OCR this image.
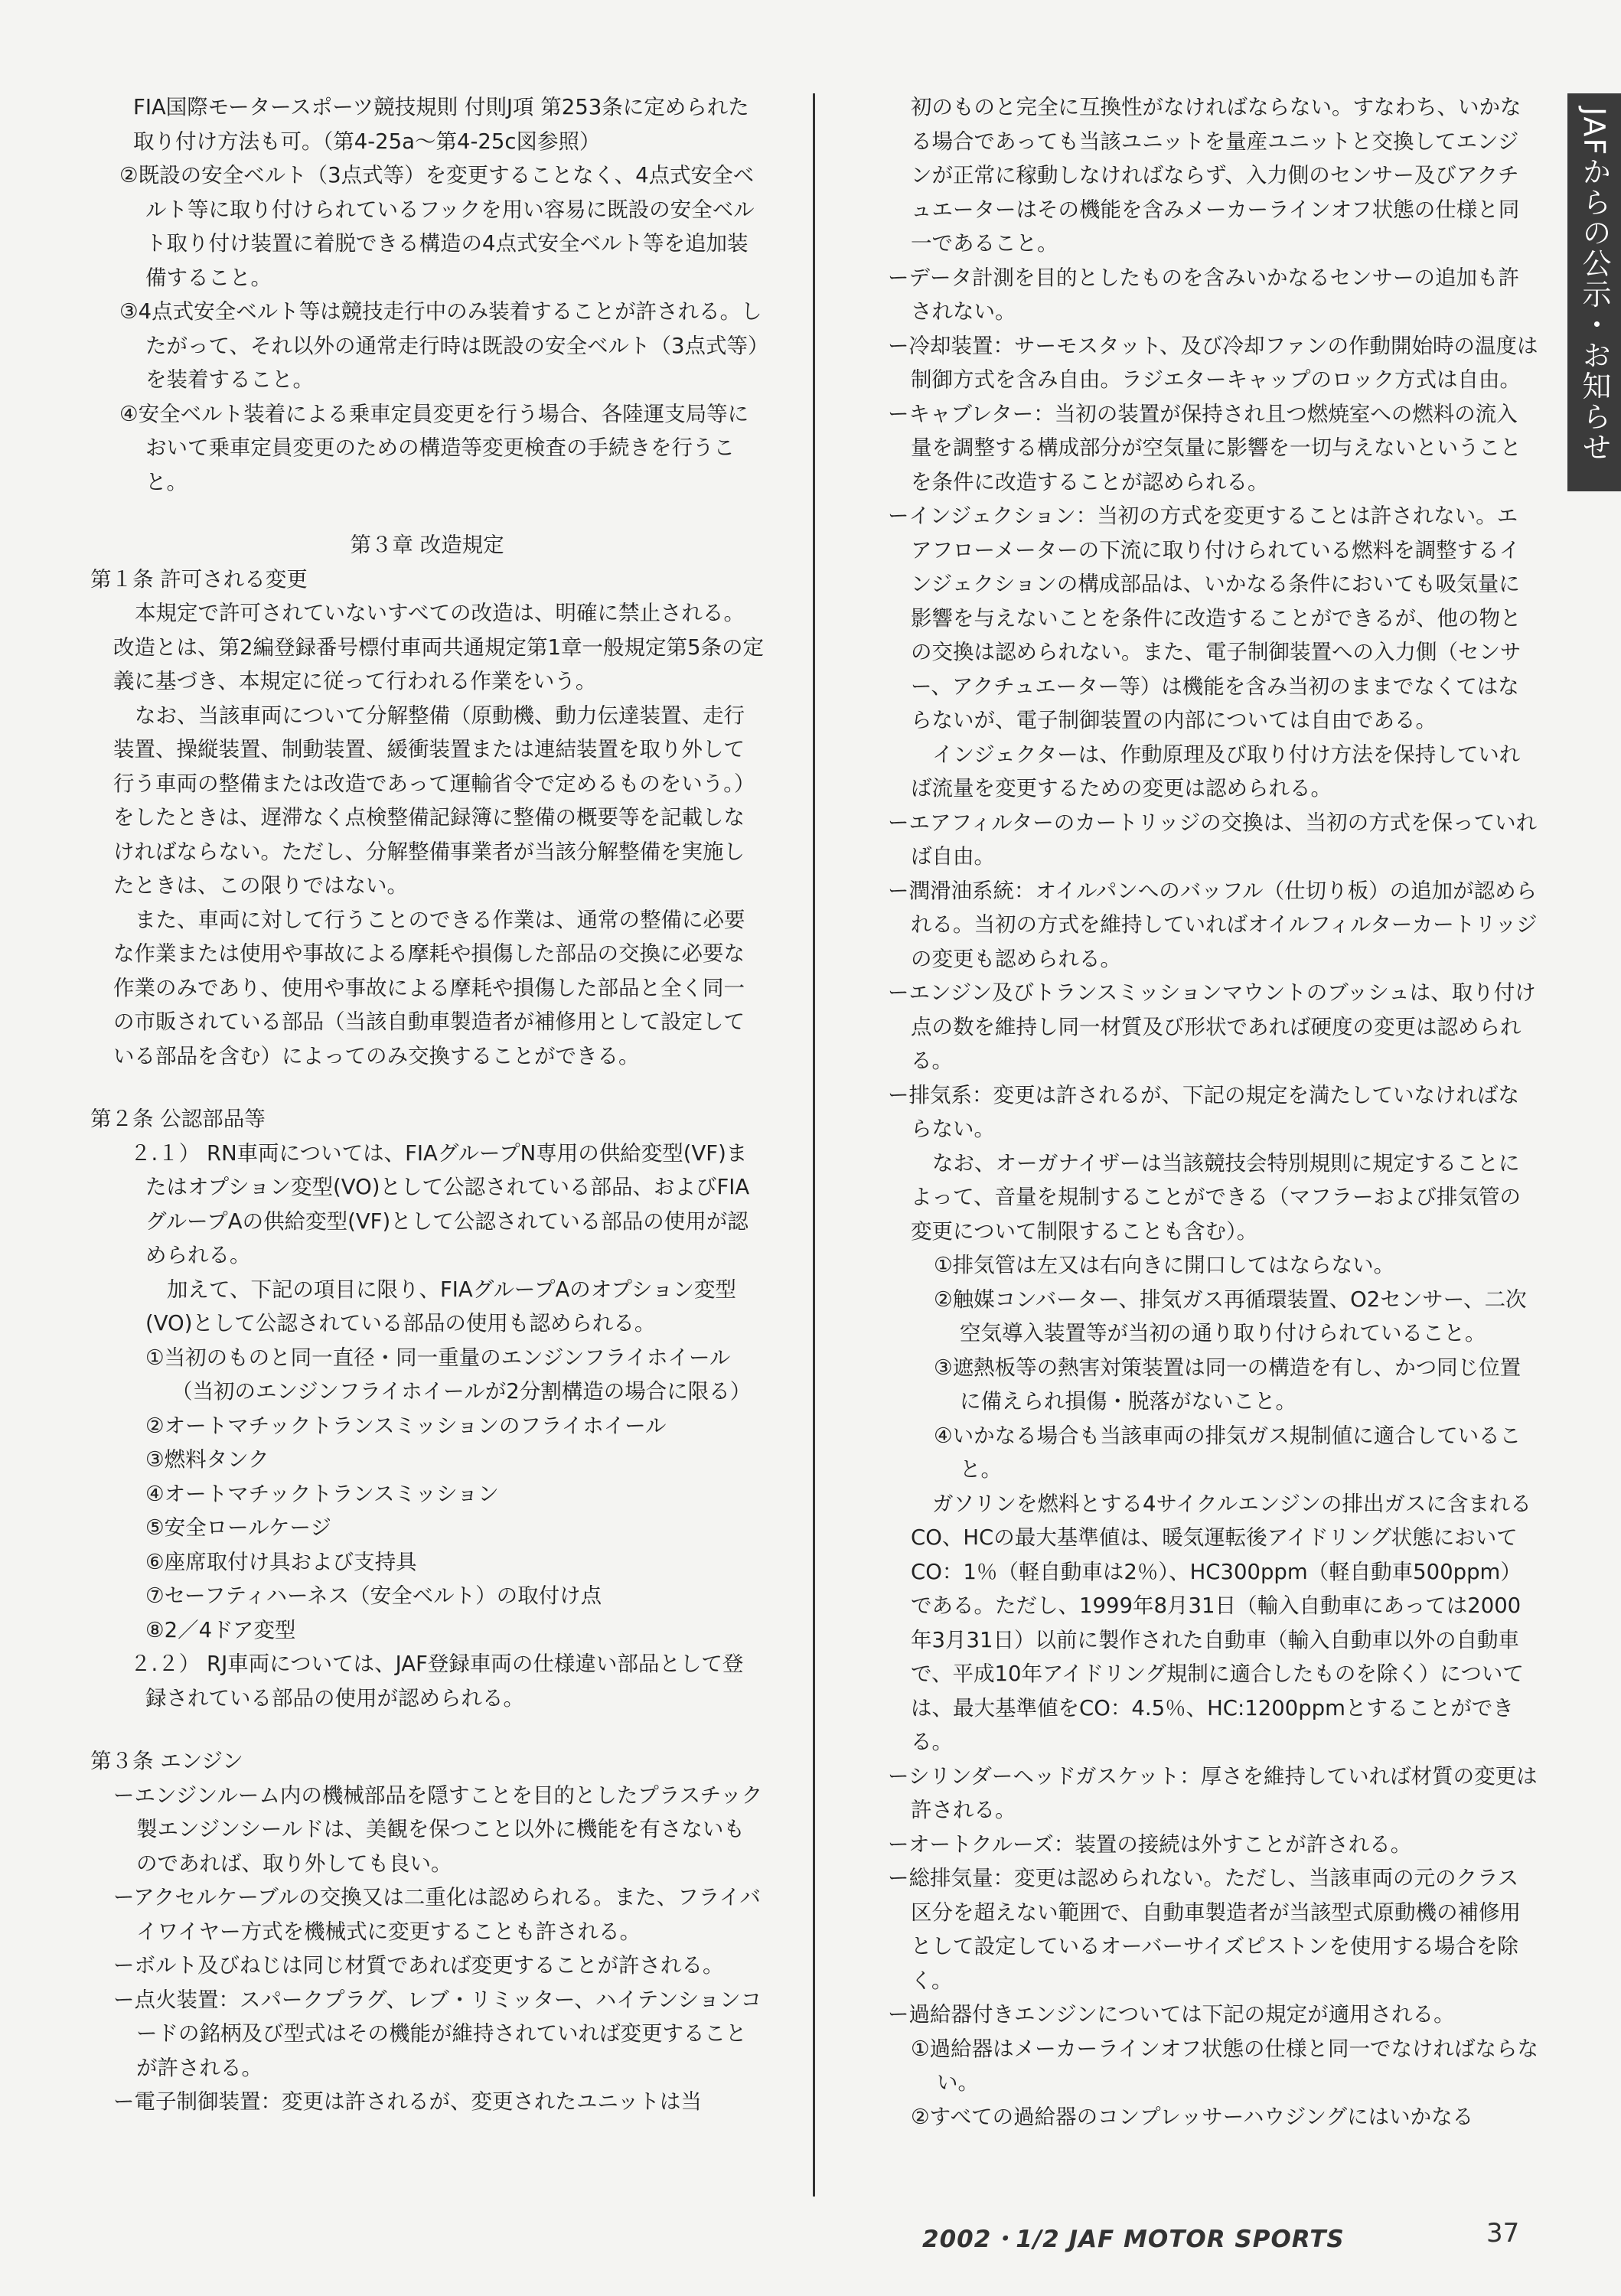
JAFからの公示・お知らせ

FIA国際モータースポーツ競技規則 付則J項 第253条に定められた取り付け方法も可。（第4-25a〜第4-25c図参照）

②既設の安全ベルト（3点式等）を変更することなく、4点式安全ベルト等に取り付けられているフックを用い容易に既設の安全ベルト取り付け装置に着脱できる構造の4点式安全ベルト等を追加装備すること。

③4点式安全ベルト等は競技走行中のみ装着することが許される。したがって、それ以外の通常走行時は既設の安全ベルト（3点式等）を装着すること。

④安全ベルト装着による乗車定員変更を行う場合、各陸運支局等において乗車定員変更のための構造等変更検査の手続きを行うこと。

第３章 改造規定

第１条 許可される変更

本規定で許可されていないすべての改造は、明確に禁止される。改造とは、第2編登録番号標付車両共通規定第1章一般規定第5条の定義に基づき、本規定に従って行われる作業をいう。

なお、当該車両について分解整備（原動機、動力伝達装置、走行装置、操縦装置、制動装置、緩衝装置または連結装置を取り外して行う車両の整備または改造であって運輸省令で定めるものをいう。）をしたときは、遅滞なく点検整備記録簿に整備の概要等を記載しなければならない。ただし、分解整備事業者が当該分解整備を実施したときは、この限りではない。

また、車両に対して行うことのできる作業は、通常の整備に必要な作業または使用や事故による摩耗や損傷した部品の交換に必要な作業のみであり、使用や事故による摩耗や損傷した部品と全く同一の市販されている部品（当該自動車製造者が補修用として設定している部品を含む）によってのみ交換することができる。

第２条 公認部品等

２.１） RN車両については、FIAグループN専用の供給変型(VF)またはオプション変型(VO)として公認されている部品、およびFIAグループAの供給変型(VF)として公認されている部品の使用が認められる。

加えて、下記の項目に限り、FIAグループAのオプション変型(VO)として公認されている部品の使用も認められる。

①当初のものと同一直径・同一重量のエンジンフライホイール（当初のエンジンフライホイールが2分割構造の場合に限る）

②オートマチックトランスミッションのフライホイール

③燃料タンク

④オートマチックトランスミッション

⑤安全ロールケージ

⑥座席取付け具および支持具

⑦セーフティハーネス（安全ベルト）の取付け点

⑧2／4ドア変型

２.２） RJ車両については、JAF登録車両の仕様違い部品として登録されている部品の使用が認められる。

第３条 エンジン

ーエンジンルーム内の機械部品を隠すことを目的としたプラスチック製エンジンシールドは、美観を保つこと以外に機能を有さないものであれば、取り外しても良い。

ーアクセルケーブルの交換又は二重化は認められる。また、フライバイワイヤー方式を機械式に変更することも許される。

ーボルト及びねじは同じ材質であれば変更することが許される。

ー点火装置：スパークプラグ、レブ・リミッター、ハイテンションコードの銘柄及び型式はその機能が維持されていれば変更することが許される。

ー電子制御装置：変更は許されるが、変更されたユニットは当

初のものと完全に互換性がなければならない。すなわち、いかなる場合であっても当該ユニットを量産ユニットと交換してエンジンが正常に稼動しなければならず、入力側のセンサー及びアクチュエーターはその機能を含みメーカーラインオフ状態の仕様と同一であること。

ーデータ計測を目的としたものを含みいかなるセンサーの追加も許されない。

ー冷却装置：サーモスタット、及び冷却ファンの作動開始時の温度は制御方式を含み自由。ラジエターキャップのロック方式は自由。

ーキャブレター：当初の装置が保持され且つ燃焼室への燃料の流入量を調整する構成部分が空気量に影響を一切与えないということを条件に改造することが認められる。

ーインジェクション：当初の方式を変更することは許されない。エアフローメーターの下流に取り付けられている燃料を調整するインジェクションの構成部品は、いかなる条件においても吸気量に影響を与えないことを条件に改造することができるが、他の物との交換は認められない。また、電子制御装置への入力側（センサー、アクチュエーター等）は機能を含み当初のままでなくてはならないが、電子制御装置の内部については自由である。

インジェクターは、作動原理及び取り付け方法を保持していれば流量を変更するための変更は認められる。

ーエアフィルターのカートリッジの交換は、当初の方式を保っていれば自由。

ー潤滑油系統：オイルパンへのバッフル（仕切り板）の追加が認められる。当初の方式を維持していればオイルフィルターカートリッジの変更も認められる。

ーエンジン及びトランスミッションマウントのブッシュは、取り付け点の数を維持し同一材質及び形状であれば硬度の変更は認められる。

ー排気系：変更は許されるが、下記の規定を満たしていなければならない。

なお、オーガナイザーは当該競技会特別規則に規定することによって、音量を規制することができる（マフラーおよび排気管の変更について制限することも含む）。

①排気管は左又は右向きに開口してはならない。

②触媒コンバーター、排気ガス再循環装置、O2センサー、二次空気導入装置等が当初の通り取り付けられていること。

③遮熱板等の熱害対策装置は同一の構造を有し、かつ同じ位置に備えられ損傷・脱落がないこと。

④いかなる場合も当該車両の排気ガス規制値に適合していること。

ガソリンを燃料とする4サイクルエンジンの排出ガスに含まれるCO、HCの最大基準値は、暖気運転後アイドリング状態においてCO：1％（軽自動車は2％）、HC300ppm（軽自動車500ppm）である。ただし、1999年8月31日（輸入自動車にあっては2000年3月31日）以前に製作された自動車（輸入自動車以外の自動車で、平成10年アイドリング規制に適合したものを除く）については、最大基準値をCO：4.5％、HC:1200ppmとすることができる。

ーシリンダーヘッドガスケット：厚さを維持していれば材質の変更は許される。

ーオートクルーズ：装置の接続は外すことが許される。

ー総排気量：変更は認められない。ただし、当該車両の元のクラス区分を超えない範囲で、自動車製造者が当該型式原動機の補修用として設定しているオーバーサイズピストンを使用する場合を除く。

ー過給器付きエンジンについては下記の規定が適用される。

①過給器はメーカーラインオフ状態の仕様と同一でなければならない。

②すべての過給器のコンプレッサーハウジングにはいかなる

2002・1/2 JAF MOTOR SPORTS	37
